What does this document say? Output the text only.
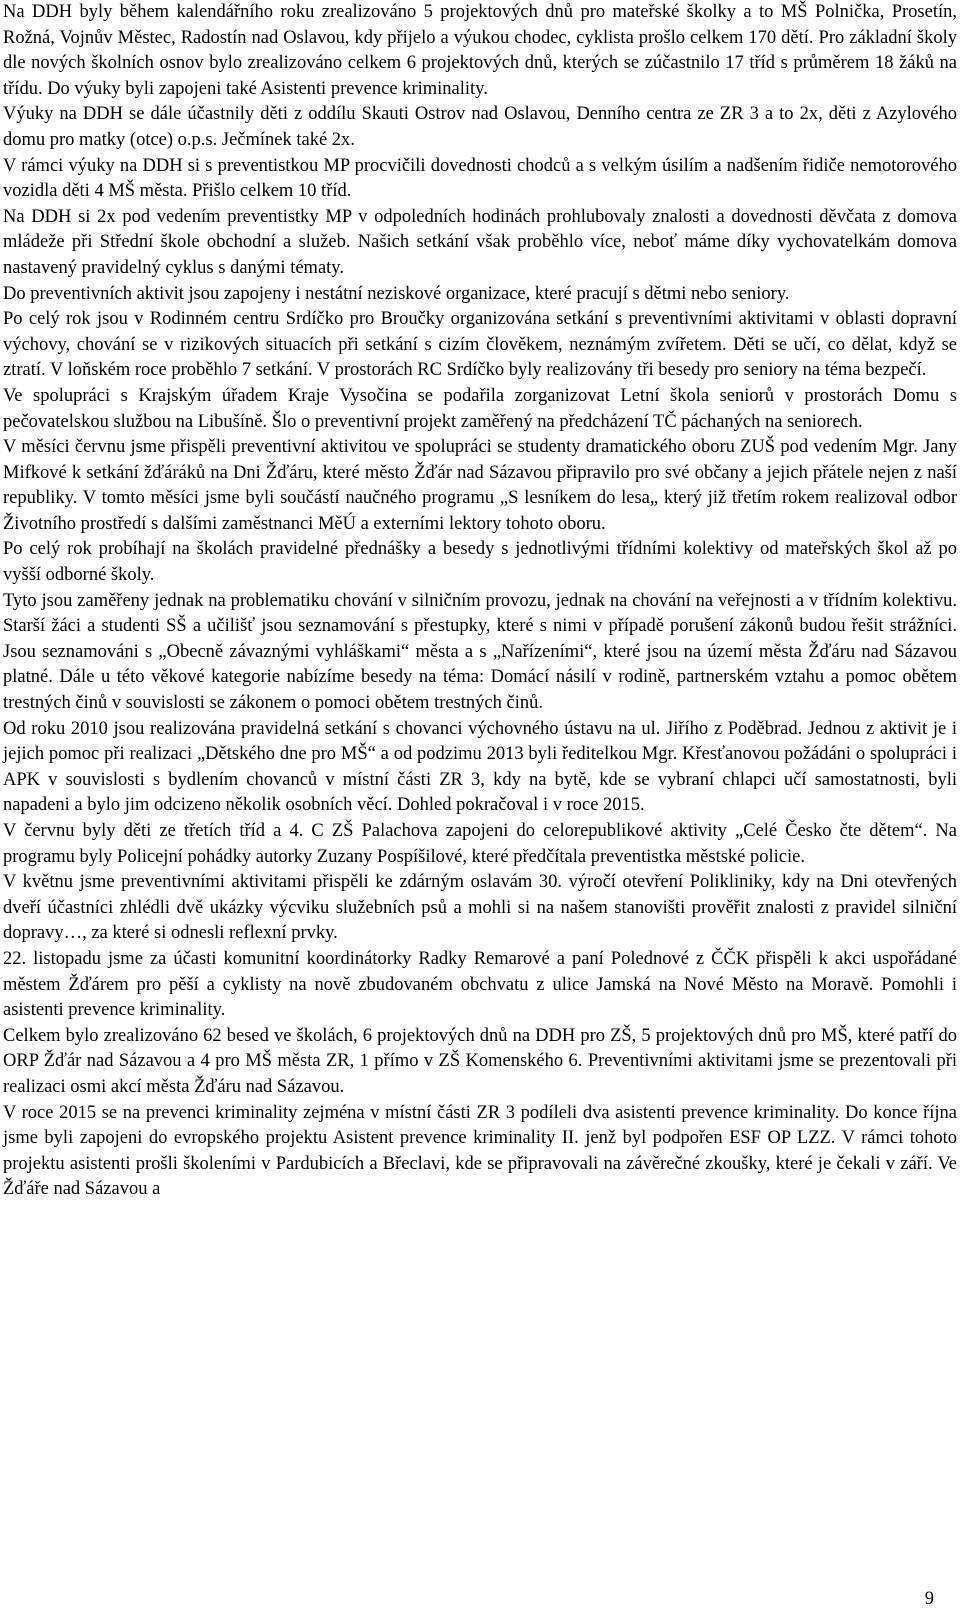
Na DDH byly během kalendářního roku zrealizováno 5 projektových dnů pro mateřské školky a to MŠ Polnička, Prosetín, Rožná, Vojnův Městec, Radostín nad Oslavou, kdy přijelo a výukou chodec, cyklista prošlo celkem 170 dětí. Pro základní školy dle nových školních osnov bylo zrealizováno celkem 6 projektových dnů, kterých se zúčastnilo 17 tříd s průměrem 18 žáků na třídu. Do výuky byli zapojeni také Asistenti prevence kriminality.

Výuky na DDH se dále účastnily děti z oddílu Skauti Ostrov nad Oslavou, Denního centra ze ZR 3 a to 2x, děti z Azylového domu pro matky (otce) o.p.s. Ječmínek také 2x.

V rámci výuky na DDH si s preventistkou MP procvičili dovednosti chodců a s velkým úsilím a nadšením řidiče nemotorového vozidla děti 4 MŠ města. Přišlo celkem 10 tříd.

Na DDH si 2x pod vedením preventistky MP v odpoledních hodinách prohlubovaly znalosti a dovednosti děvčata z domova mládeže při Střední škole obchodní a služeb. Našich setkání však proběhlo více, neboť máme díky vychovatelkám domova nastavený pravidelný cyklus s danými tématy.

Do preventivních aktivit jsou zapojeny i nestátní neziskové organizace, které pracují s dětmi nebo seniory.

Po celý rok jsou v Rodinném centru Srdíčko pro Broučky organizována setkání s preventivními aktivitami v oblasti dopravní výchovy, chování se v rizikových situacích při setkání s cizím člověkem, neznámým zvířetem. Děti se učí, co dělat, když se ztratí. V loňském roce proběhlo 7 setkání. V prostorách RC Srdíčko byly realizovány tři besedy pro seniory na téma bezpečí.

Ve spolupráci s Krajským úřadem Kraje Vysočina se podařila zorganizovat Letní škola seniorů v prostorách Domu s pečovatelskou službou na Libušíně. Šlo o preventivní projekt zaměřený na předcházení TČ páchaných na seniorech.

V měsíci červnu jsme přispěli preventivní aktivitou ve spolupráci se studenty dramatického oboru ZUŠ pod vedením Mgr. Jany Mifkové k setkání žďáráků na Dni Žďáru, které město Žďár nad Sázavou připravilo pro své občany a jejich přátele nejen z naší republiky. V tomto měsíci jsme byli součástí naučného programu „S lesníkem do lesa„ který již třetím rokem realizoval odbor Životního prostředí s dalšími zaměstnanci MěÚ a externími lektory tohoto oboru.

Po celý rok probíhají na školách pravidelné přednášky a besedy s jednotlivými třídními kolektivy od mateřských škol až po vyšší odborné školy.

Tyto jsou zaměřeny jednak na problematiku chování v silničním provozu, jednak na chování na veřejnosti a v třídním kolektivu. Starší žáci a studenti SŠ a učilišť jsou seznamování s přestupky, které s nimi v případě porušení zákonů budou řešit strážníci. Jsou seznamováni s „Obecně závaznými vyhláškami“ města a s „Nařízeními“, které jsou na území města Žďáru nad Sázavou platné. Dále u této věkové kategorie nabízíme besedy na téma: Domácí násilí v rodině, partnerském vztahu a pomoc obětem trestných činů v souvislosti se zákonem o pomoci obětem trestných činů.

Od roku 2010 jsou realizována pravidelná setkání s chovanci výchovného ústavu na ul. Jiřího z Poděbrad. Jednou z aktivit je i jejich pomoc při realizaci „Dětského dne pro MŠ“ a od podzimu 2013 byli ředitelkou Mgr. Křesťanovou požádáni o spolupráci i APK v souvislosti s bydlením chovanců v místní části ZR 3, kdy na bytě, kde se vybraní chlapci učí samostatnosti, byli napadeni a bylo jim odcizeno několik osobních věcí. Dohled pokračoval i v roce 2015.

V červnu byly děti ze třetích tříd a 4. C ZŠ Palachova zapojeni do celorepublikové aktivity „Celé Česko čte dětem“. Na programu byly Policejní pohádky autorky Zuzany Pospíšilové, které předčítala preventistka městské policie.

V květnu jsme preventivními aktivitami přispěli ke zdárným oslavám 30. výročí otevření Polikliniky, kdy na Dni otevřených dveří účastníci zhlédli dvě ukázky výcviku služebních psů a mohli si na našem stanovišti prověřit znalosti z pravidel silniční dopravy…, za které si odnesli reflexní prvky.

22. listopadu jsme za účasti komunitní koordinátorky Radky Remarové a paní Polednové z ČČK přispěli k akci uspořádané městem Žďárem pro pěší a cyklisty na nově zbudovaném obchvatu z ulice Jamská na Nové Město na Moravě. Pomohli i asistenti prevence kriminality.

Celkem bylo zrealizováno 62 besed ve školách, 6 projektových dnů na DDH pro ZŠ, 5 projektových dnů pro MŠ, které patří do ORP Žďár nad Sázavou a 4 pro MŠ města ZR, 1 přímo v ZŠ Komenského 6. Preventivními aktivitami jsme se prezentovali při realizaci osmi akcí města Žďáru nad Sázavou.

V roce 2015 se na prevenci kriminality zejména v místní části ZR 3 podíleli dva asistenti prevence kriminality. Do konce října jsme byli zapojeni do evropského projektu Asistent prevence kriminality II. jenž byl podpořen ESF OP LZZ. V rámci tohoto projektu asistenti prošli školeními v Pardubicích a Břeclavi, kde se připravovali na závěrečné zkoušky, které je čekali v září. Ve Žďáře nad Sázavou a

9
